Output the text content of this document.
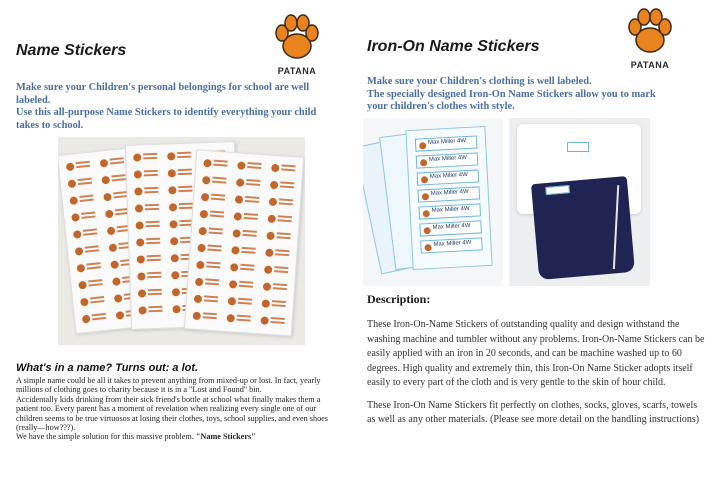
Name Stickers
PATANA
Make sure your Children's personal belongings for school are well labeled.
Use this all-purpose Name Stickers to identify everything your child takes to school.
What's in a name? Turns out: a lot.
A simple name could be all it takes to prevent anything from mixed-up or lost. In fact, yearly millions of clothing goes to charity because it is in a "Lost and Found" bin.
Accidentally kids drinking from their sick friend's bottle at school what finally makes them a patient too. Every parent has a moment of revelation when realizing every single one of our children seems to be true virtuosos at losing their clothes, toys, school supplies, and even shoes (really—how???).
We have the simple solution for this massive problem. "Name Stickers"
Iron-On Name Stickers
PATANA
Make sure your Children's clothing is well labeled.
The specially designed Iron-On Name Stickers allow you to mark your children's clothes with style.
Max Miller 4W
Max Miller 4W
Max Miller 4W
Max Miller 4W
Max Miller 4W
Max Miller 4W
Max Miller 4W
Description:

These Iron-On-Name Stickers of outstanding quality and design withstand the washing machine and tumbler without any problems. Iron-On-Name Stickers can be easily applied with an iron in 20 seconds, and can be machine washed up to 60 degrees. High quality and extremely thin, this Iron-On Name Sticker adopts itself easily to every part of the cloth and is very gentle to the skin of hour child.

These Iron-On Name Stickers fit perfectly on clothes, socks, gloves, scarfs, towels as well as any other materials. (Please see more detail on the handling instructions)
